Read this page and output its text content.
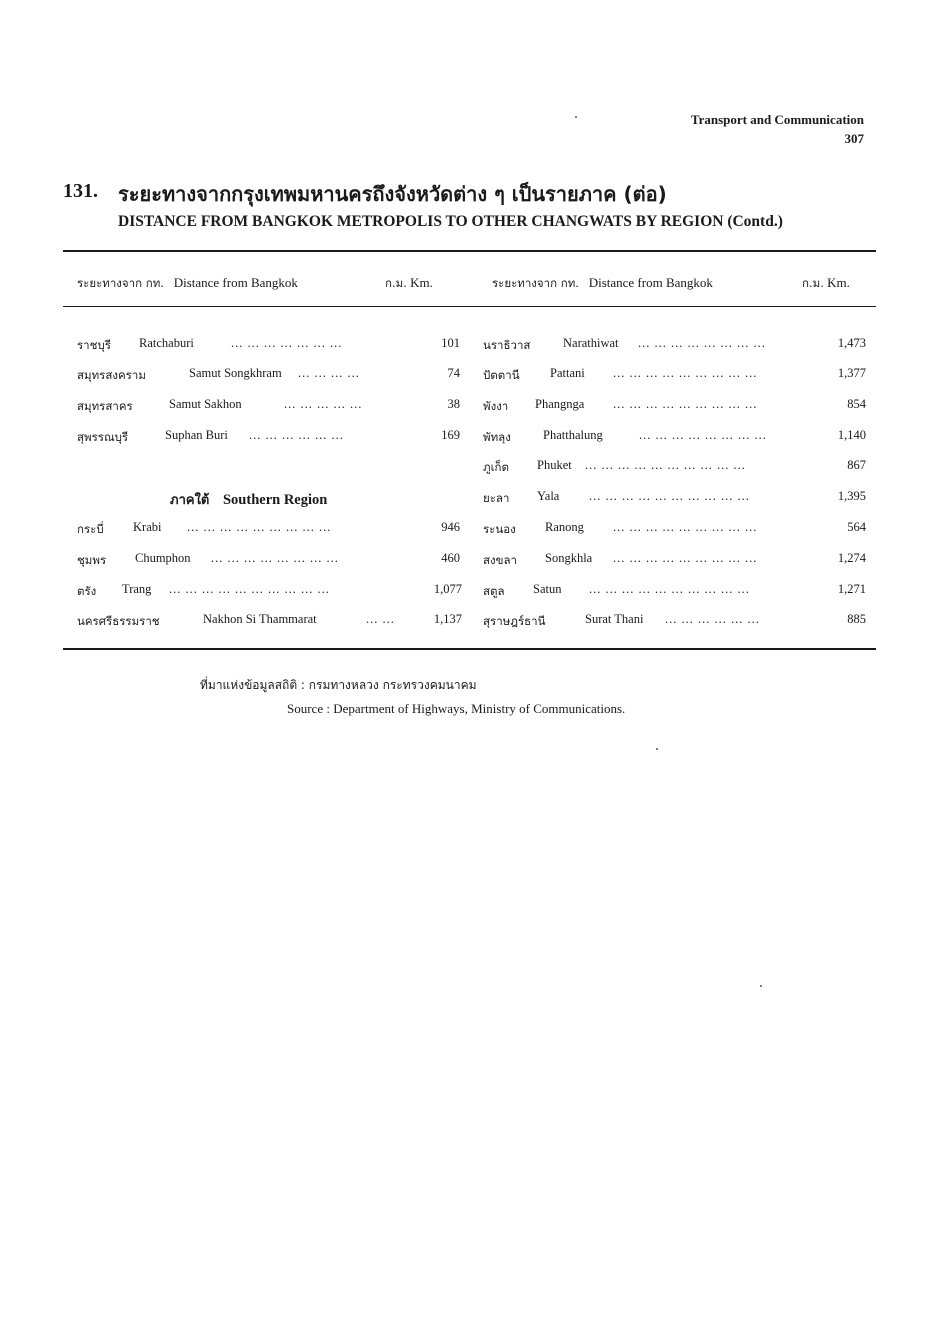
Transport and Communication
307
131. ระยะทางจากกรุงเทพมหานครถึงจังหวัดต่าง ๆ เป็นรายภาค (ต่อ)
DISTANCE FROM BANGKOK METROPOLIS TO OTHER CHANGWATS BY REGION (Contd.)
ระยะทางจาก กท. Distance from Bangkok	ก.ม. Km.	ระยะทางจาก กท. Distance from Bangkok	ก.ม. Km.
ราชบุรี Ratchaburi	... ... ... ... ... ... ...	101
สมุทรสงคราม	Samut Songkhram ... ... ... ...	74
สมุทรสาคร	Samut Sakhon	... ... ... ... ...	38
สุพรรณบุรี	Suphan Buri ... ... ... ... ... ...	169
ภาคใต้ Southern Region
กระบี่ Krabi ... ... ... ... ... ... ... ... ...	946
ชุมพร Chumphon ... ... ... ... ... ... ... ...	460
ตรัง Trang ... ... ... ... ... ... ... ... ... ...	1,077
นครศรีธรรมราช	Nakhon Si Thammarat	... ...	1,137
นราธิวาส	Narathiwat ... ... ... ... ... ... ... ...	1,473
ปัตตานี Pattani ... ... ... ... ... ... ... ... ...	1,377
พังงา Phangnga ... ... ... ... ... ... ... ... ...	854
พัทลุง	Phatthalung	... ... ... ... ... ... ... ...	1,140
ภูเก็ต Phuket ... ... ... ... ... ... ... ... ... ...	867
ยะลา Yala ... ... ... ... ... ... ... ... ... ...	1,395
ระนอง Ranong ... ... ... ... ... ... ... ... ...	564
สงขลา Songkhla ... ... ... ... ... ... ... ... ...	1,274
สตูล Satun ... ... ... ... ... ... ... ... ... ...	1,271
สุราษฎร์ธานี	Surat Thani ... ... ... ... ... ...	885
ที่มาแห่งข้อมูลสถิติ : กรมทางหลวง กระทรวงคมนาคม
Source : Department of Highways, Ministry of Communications.
